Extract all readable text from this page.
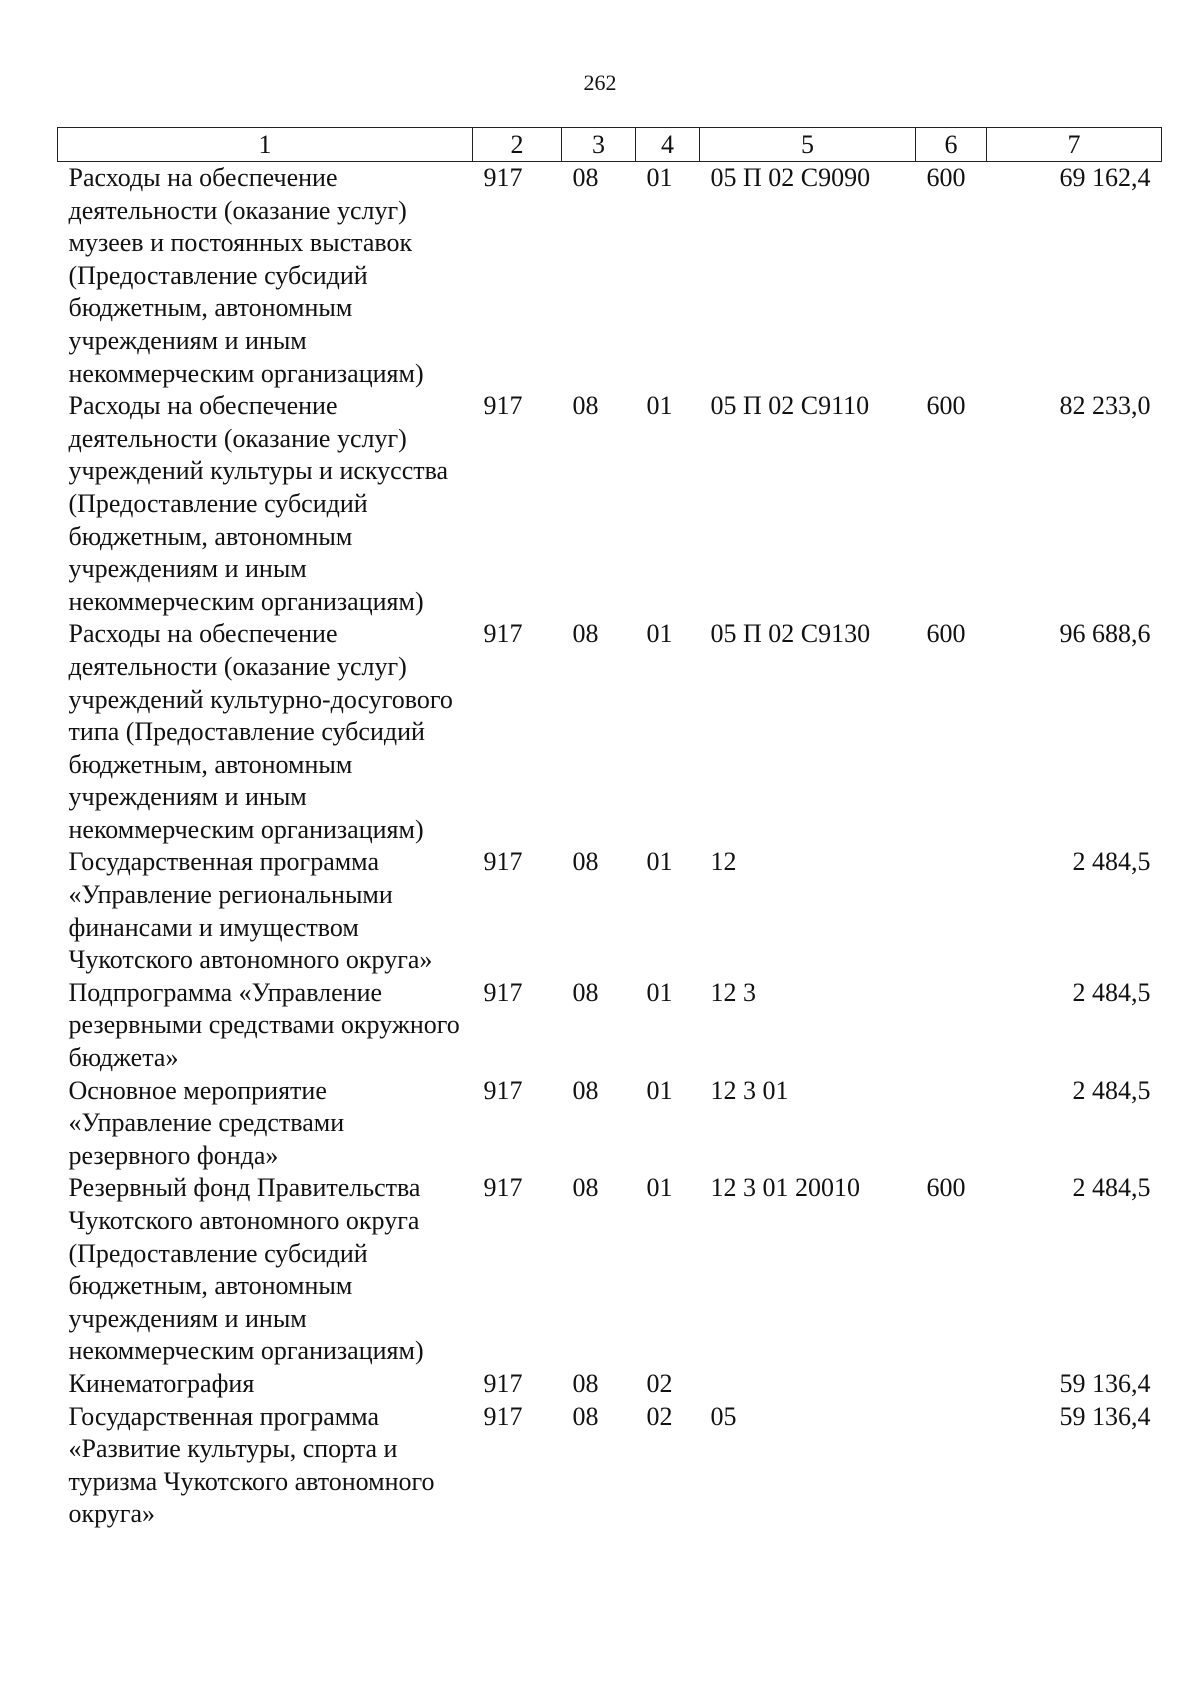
262
1	2	3	4	5	6	7
Расходы на обеспечение деятельности (оказание услуг) музеев и постоянных выставок (Предоставление субсидий бюджетным, автономным учреждениям и иным некоммерческим организациям)	917	08	01	05 П 02 С9090	600	69 162,4
Расходы на обеспечение деятельности (оказание услуг) учреждений культуры и искусства (Предоставление субсидий бюджетным, автономным учреждениям и иным некоммерческим организациям)	917	08	01	05 П 02 С9110	600	82 233,0
Расходы на обеспечение деятельности (оказание услуг) учреждений культурно-досугового типа (Предоставление субсидий бюджетным, автономным учреждениям и иным некоммерческим организациям)	917	08	01	05 П 02 С9130	600	96 688,6
Государственная программа «Управление региональными финансами и имуществом Чукотского автономного округа»	917	08	01	12		2 484,5
Подпрограмма «Управление резервными средствами окружного бюджета»	917	08	01	12 3		2 484,5
Основное мероприятие «Управление средствами резервного фонда»	917	08	01	12 3 01		2 484,5
Резервный фонд Правительства Чукотского автономного округа (Предоставление субсидий бюджетным, автономным учреждениям и иным некоммерческим организациям)	917	08	01	12 3 01 20010	600	2 484,5
Кинематография	917	08	02			59 136,4
Государственная программа «Развитие культуры, спорта и туризма Чукотского автономного округа»	917	08	02	05		59 136,4
